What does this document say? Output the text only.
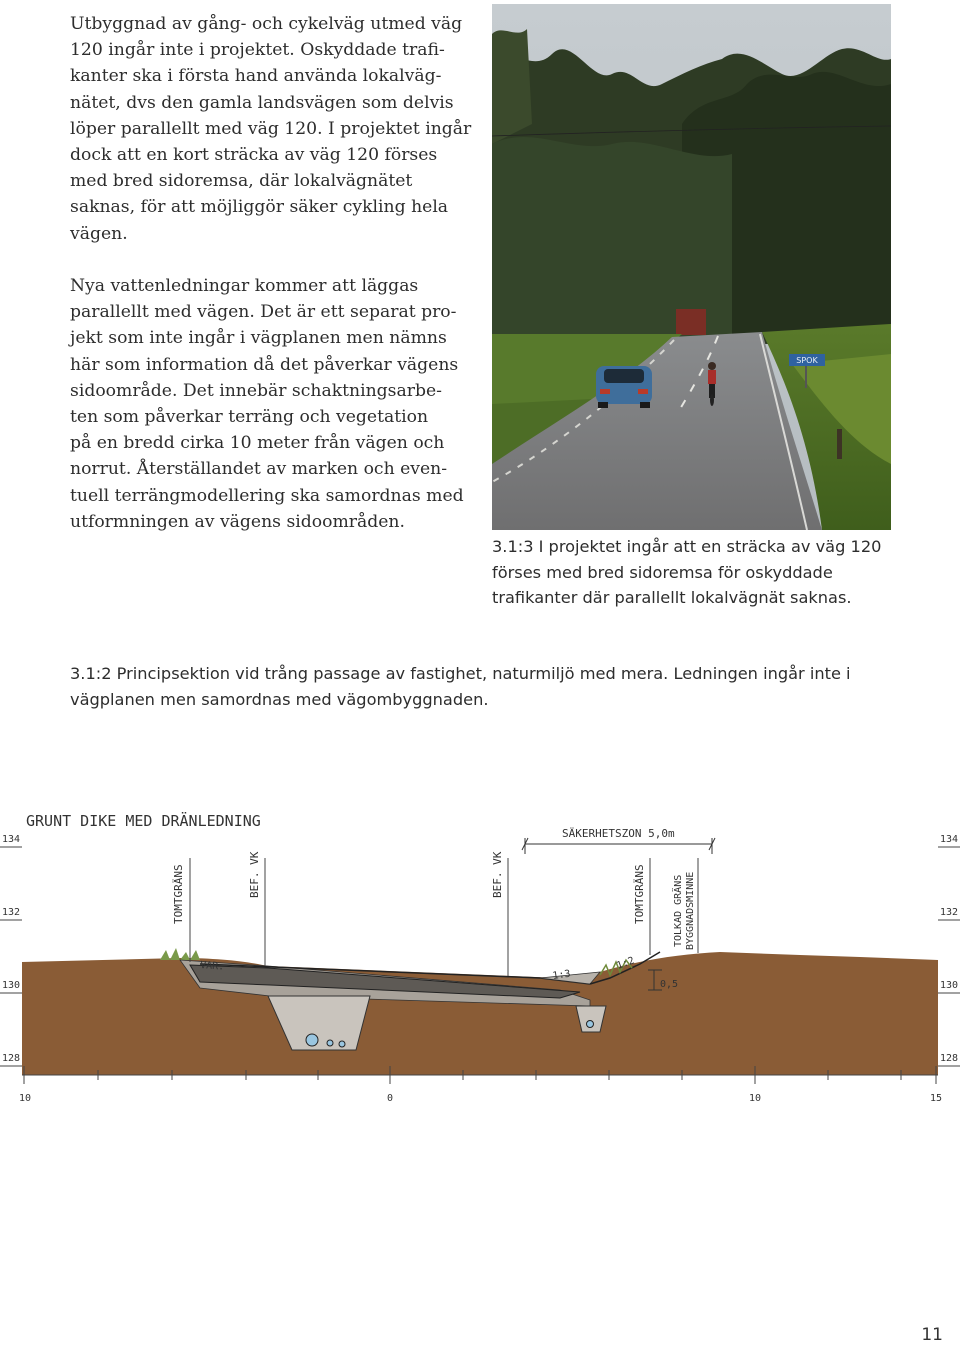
Utbyggnad av gång- och cykelväg utmed väg
120 ingår inte i projektet. Oskyddade trafi-
kanter ska i första hand använda lokalväg-
nätet, dvs den gamla landsvägen som delvis
löper parallellt med väg 120. I projektet ingår
dock att en kort sträcka av väg 120 förses
med bred sidoremsa, där lokalvägnätet
saknas, för att möjliggör säker cykling hela
vägen.
Nya vattenledningar kommer att läggas
parallellt med vägen. Det är ett separat pro-
jekt som inte ingår i vägplanen men nämns
här som information då det påverkar vägens
sidoområde. Det innebär schaktningsarbe-
ten som påverkar terräng och vegetation
på en bredd cirka 10 meter från vägen och
norrut. Återställandet av marken och even-
tuell terrängmodellering ska samordnas med
utformningen av vägens sidoområden.
SPOK
3.1:3 I projektet ingår att en sträcka av väg 120
förses med bred sidoremsa för oskyddade
trafikanter där parallellt lokalvägnät saknas.
3.1:2 Principsektion vid trång passage av fastighet, naturmiljö med mera. Ledningen ingår inte i
vägplanen men samordnas med vägombyggnaden.
GRUNT DIKE MED DRÄNLEDNING
134
132
130
128
134
132
130
128
0,5
VAR.
1:3
1:2
TOMTGRÄNS	BEF. VK	BEF. VK	TOMTGRÄNS	TOLKAD GRÄNS BYGGNADSMINNE
SÄKERHETSZON 5,0m
10	0	10	15
11
